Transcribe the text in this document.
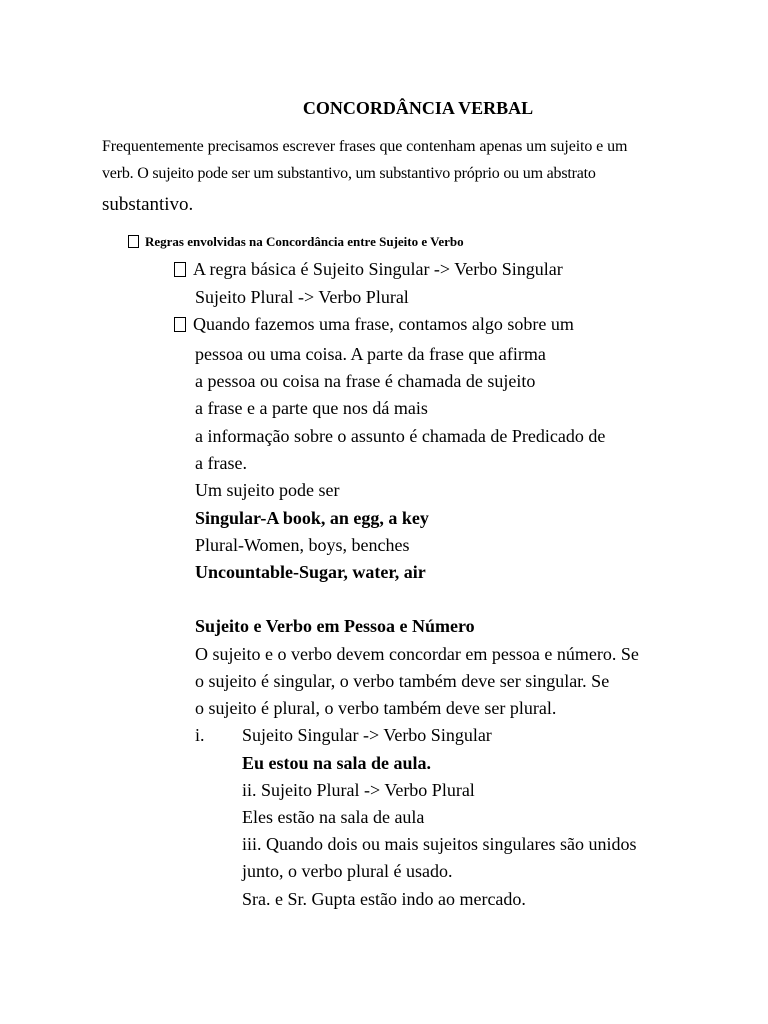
CONCORDÂNCIA VERBAL
Frequentemente precisamos escrever frases que contenham apenas um sujeito e um
verb. O sujeito pode ser um substantivo, um substantivo próprio ou um abstrato
substantivo.
Regras envolvidas na Concordância entre Sujeito e Verbo
A regra básica é Sujeito Singular -> Verbo Singular
Sujeito Plural -> Verbo Plural
Quando fazemos uma frase, contamos algo sobre um
pessoa ou uma coisa. A parte da frase que afirma
a pessoa ou coisa na frase é chamada de sujeito
a frase e a parte que nos dá mais
a informação sobre o assunto é chamada de Predicado de
a frase.
Um sujeito pode ser
Singular-A book, an egg, a key
Plural-Women, boys, benches
Uncountable-Sugar, water, air
Sujeito e Verbo em Pessoa e Número
O sujeito e o verbo devem concordar em pessoa e número. Se
o sujeito é singular, o verbo também deve ser singular. Se
o sujeito é plural, o verbo também deve ser plural.
i. Sujeito Singular -> Verbo Singular
Eu estou na sala de aula.
ii. Sujeito Plural -> Verbo Plural
Eles estão na sala de aula
iii. Quando dois ou mais sujeitos singulares são unidos
junto, o verbo plural é usado.
Sra. e Sr. Gupta estão indo ao mercado.
